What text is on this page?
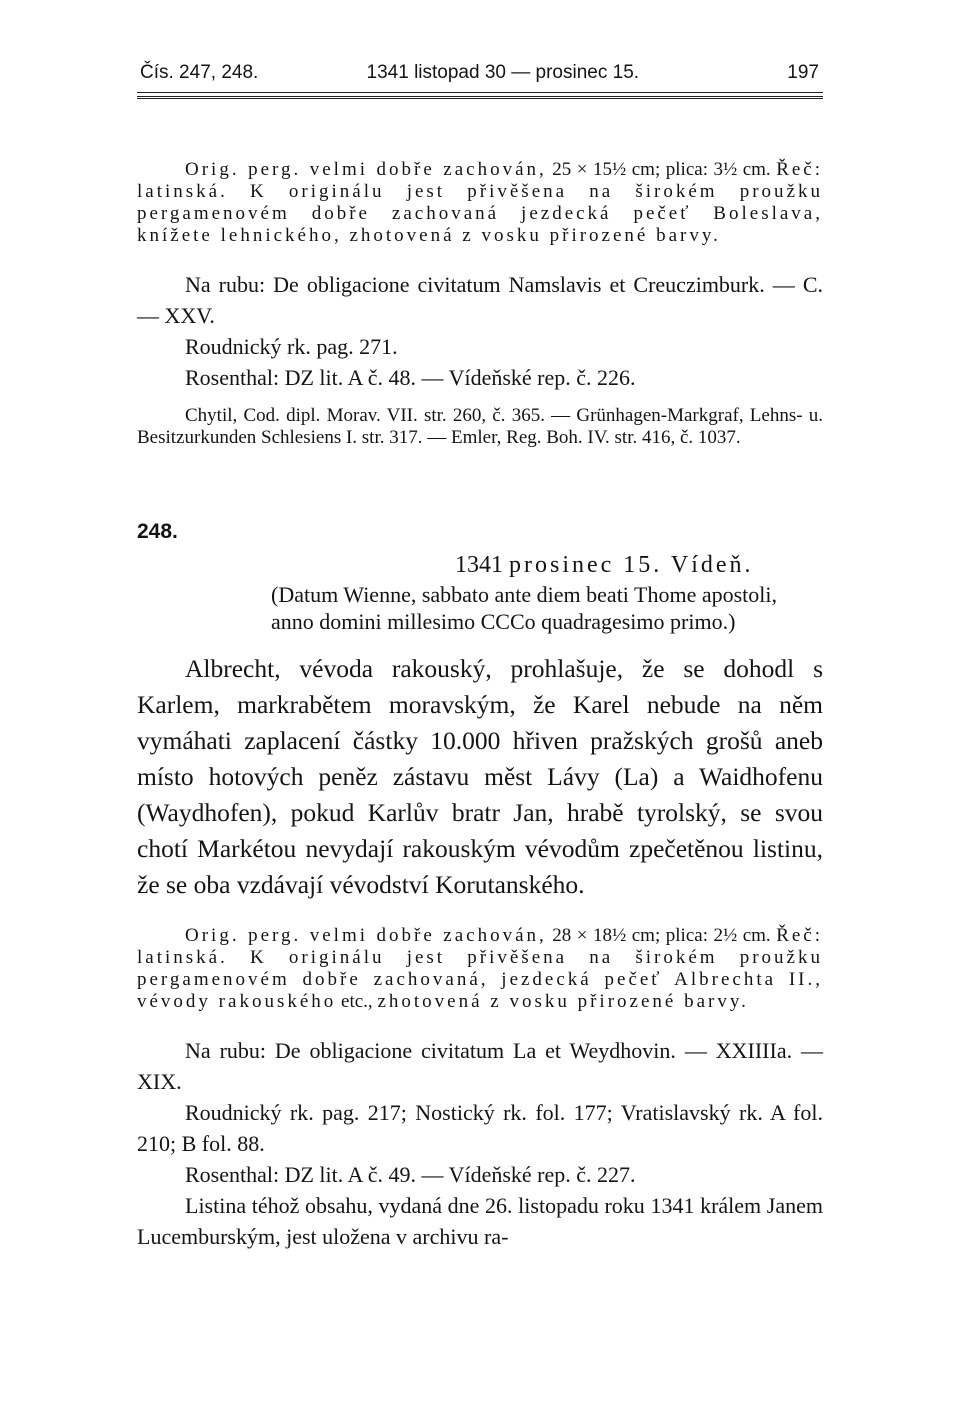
Čís. 247, 248.	1341 listopad 30 — prosinec 15.	197

Orig. perg. velmi dobře zachován, 25 × 15½ cm; plica: 3½ cm. Řeč: latinská. K originálu jest přivěšena na širokém proužku pergamenovém dobře zachovaná jezdecká pečeť Boleslava, knížete lehnického, zhotovená z vosku přirozené barvy.

Na rubu: De obligacione civitatum Namslavis et Creuczimburk. — C. — XXV.

Roudnický rk. pag. 271.

Rosenthal: DZ lit. A č. 48. — Vídeňské rep. č. 226.

Chytil, Cod. dipl. Morav. VII. str. 260, č. 365. — Grünhagen-Markgraf, Lehns- u. Besitzurkunden Schlesiens I. str. 317. — Emler, Reg. Boh. IV. str. 416, č. 1037.

248.
1341 prosinec 15. Vídeň.

(Datum Wienne, sabbato ante diem beati Thome apostoli, anno domini millesimo CCCo quadragesimo primo.)

Albrecht, vévoda rakouský, prohlašuje, že se dohodl s Karlem, markrabětem moravským, že Karel nebude na něm vymáhati zaplacení částky 10.000 hřiven pražských grošů aneb místo hotových peněz zástavu měst Lávy (La) a Waidhofenu (Waydhofen), pokud Karlův bratr Jan, hrabě tyrolský, se svou chotí Markétou nevydají rakouským vévodům zpečetěnou listinu, že se oba vzdávají vévodství Korutanského.

Orig. perg. velmi dobře zachován, 28 × 18½ cm; plica: 2½ cm. Řeč: latinská. K originálu jest přivěšena na širokém proužku pergamenovém dobře zachovaná, jezdecká pečeť Albrechta II., vévody rakouského etc., zhotovená z vosku přirozené barvy.

Na rubu: De obligacione civitatum La et Weydhovin. — XXIIIIa. — XIX.

Roudnický rk. pag. 217; Nostický rk. fol. 177; Vratislavský rk. A fol. 210; B fol. 88.

Rosenthal: DZ lit. A č. 49. — Vídeňské rep. č. 227.

Listina téhož obsahu, vydaná dne 26. listopadu roku 1341 králem Janem Lucemburským, jest uložena v archivu ra-
